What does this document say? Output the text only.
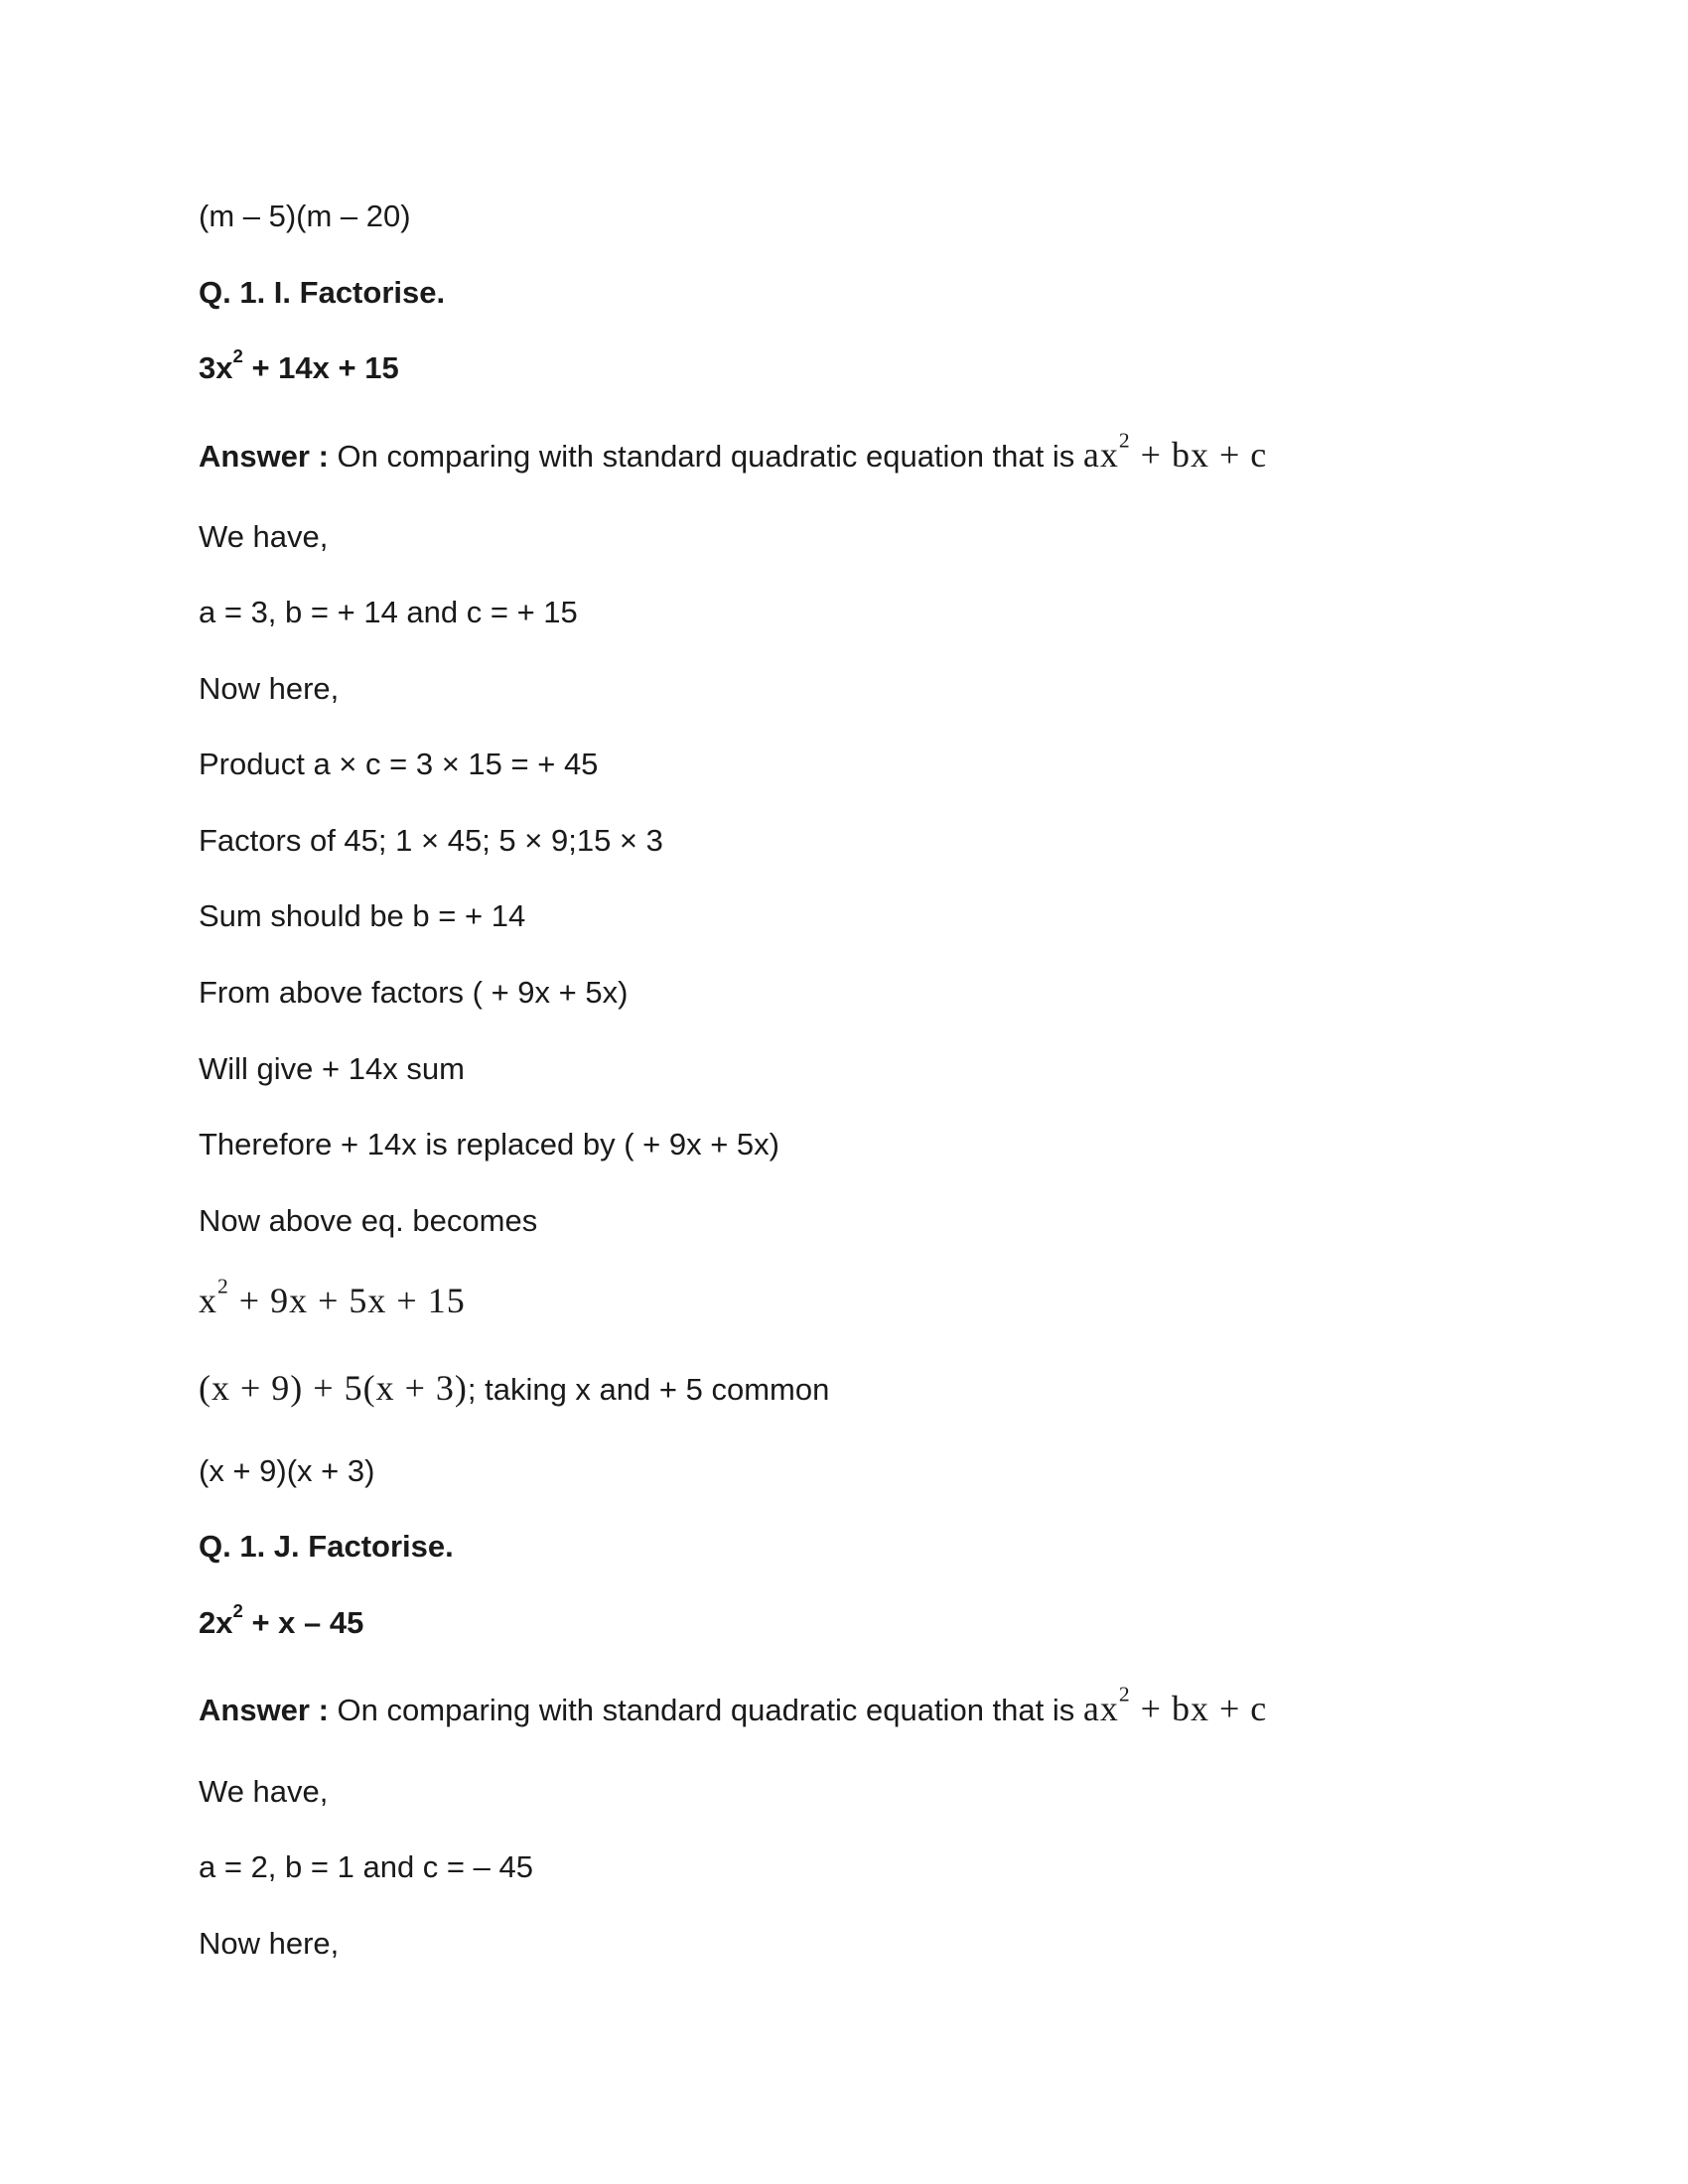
(m – 5)(m – 20)
Q. 1. I. Factorise.
$3x^2 + 14x + 15$
Answer : On comparing with standard quadratic equation that is $ax^2$ + bx + c
We have,
a = 3, b = + 14 and c = + 15
Now here,
Product a × c = 3 × 15 = + 45
Factors of 45; 1 × 45; 5 × 9;15 × 3
Sum should be b = + 14
From above factors ( + 9x + 5x)
Will give + 14x sum
Therefore + 14x is replaced by ( + 9x + 5x)
Now above eq. becomes
$x^2 + 9x + 5x + 15$
(x + 9) + 5(x + 3); taking x and + 5 common
(x + 9)(x + 3)
Q. 1. J. Factorise.
$2x^2 + x - 45$
Answer : On comparing with standard quadratic equation that is $ax^2$ + bx + c
We have,
a = 2, b = 1 and c = – 45
Now here,
